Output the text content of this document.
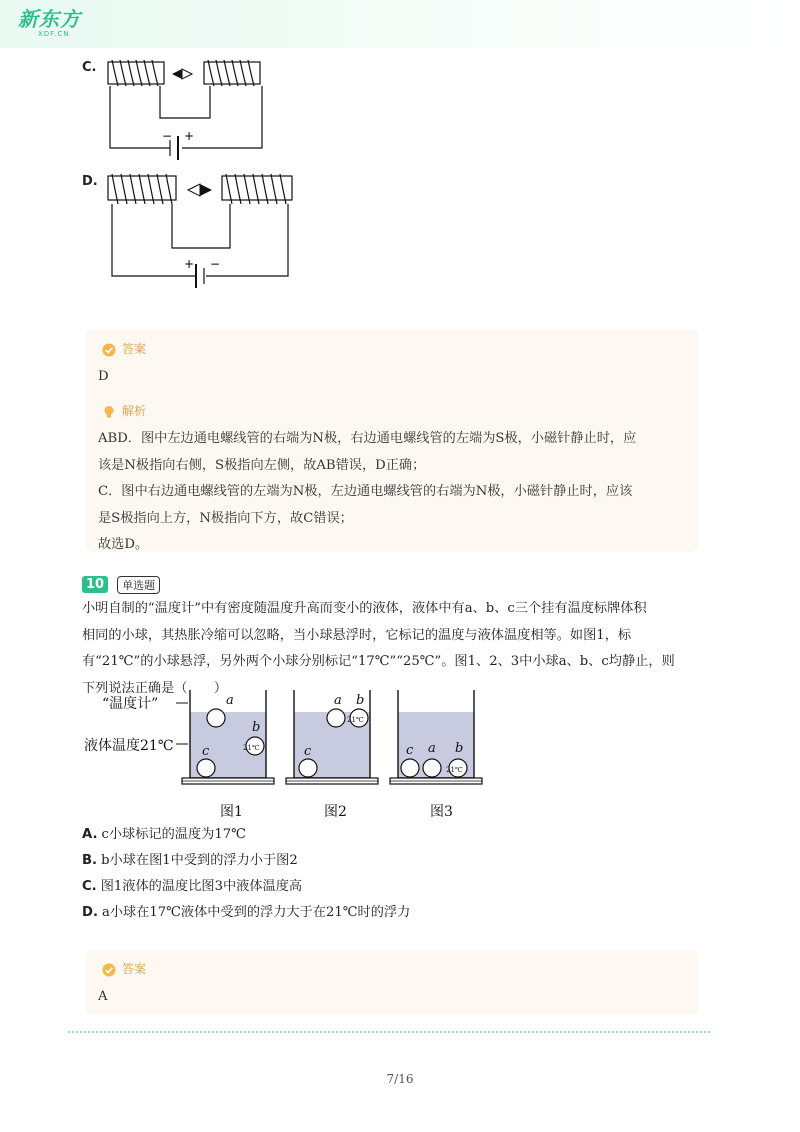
新东方
XDF.CN
C.
− +
D.
+ −
答案
D
解析
ABD．图中左边通电螺线管的右端为N极，右边通电螺线管的左端为S极，小磁针静止时，应
该是N极指向右侧，S极指向左侧，故AB错误，D正确；
C．图中右边通电螺线管的左端为N极，左边通电螺线管的右端为N极，小磁针静止时，应该
是S极指向上方，N极指向下方，故C错误；
故选D。
10 单选题
小明自制的“温度计”中有密度随温度升高而变小的液体，液体中有a、b、c三个挂有温度标牌体积
相同的小球，其热胀冷缩可以忽略，当小球悬浮时，它标记的温度与液体温度相等。如图1，标
有“21℃”的小球悬浮，另外两个小球分别标记“17℃”“25℃”。图1、2、3中小球a、b、c均静止，则
下列说法正确是（　　）
“温度计”
液体温度21℃
a
21℃
b
c
a
21℃
b
c	c a
21℃
b
图1	图2	图3
A. c小球标记的温度为17℃
B. b小球在图1中受到的浮力小于图2
C. 图1液体的温度比图3中液体温度高
D. a小球在17℃液体中受到的浮力大于在21℃时的浮力
答案
A
7/16
